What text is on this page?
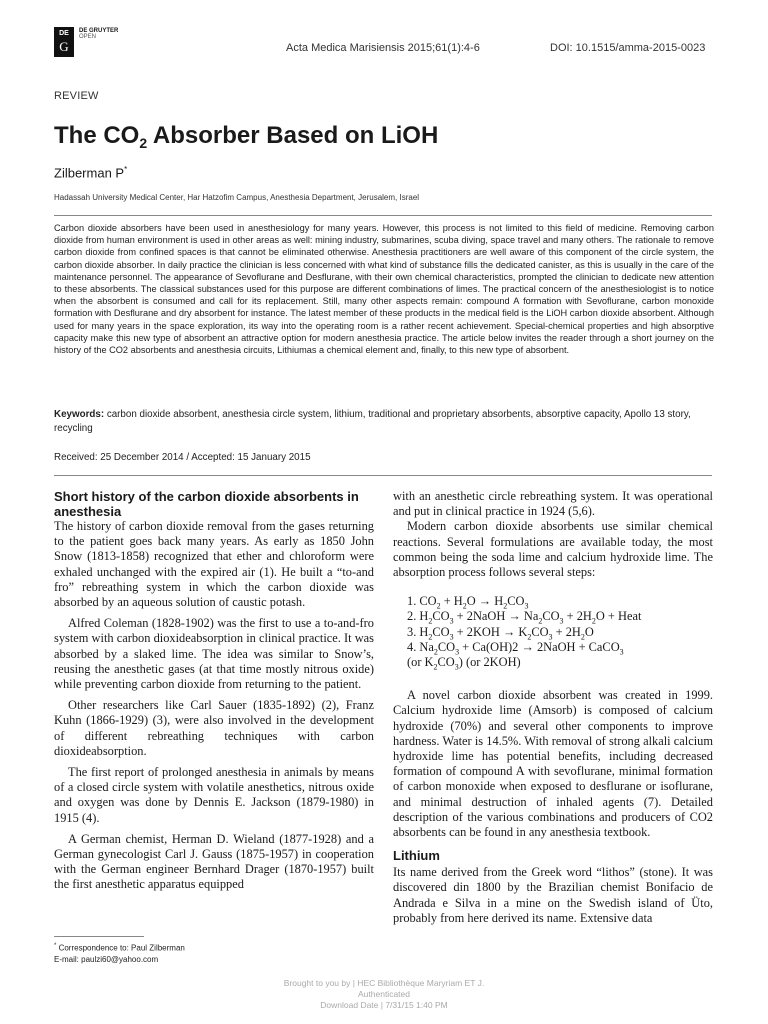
DE
G
DE GRUYTER
OPEN
Acta Medica Marisiensis 2015;61(1):4-6	DOI: 10.1515/amma-2015-0023
REVIEW
The $CO_2$ Absorber Based on LiOH
Zilberman P*
Hadassah University Medical Center, Har Hatzofim Campus, Anesthesia Department, Jerusalem, Israel

Carbon dioxide absorbers have been used in anesthesiology for many years. However, this process is not limited to this field of medicine. Removing carbon dioxide from human environment is used in other areas as well: mining industry, submarines, scuba diving, space travel and many others. The rationale to remove carbon dioxide from confined spaces is that cannot be eliminated otherwise. Anesthesia practitioners are well aware of this component of the circle system, the carbon dioxide absorber. In daily practice the clinician is less concerned with what kind of substance fills the dedicated canister, as this is usually in the care of the maintenance personnel. The appearance of Sevoflurane and Desflurane, with their own chemical characteristics, prompted the clinician to dedicate new attention to these absorbents. The classical substances used for this purpose are different combinations of limes. The practical concern of the anesthesiologist is to notice when the absorbent is consumed and call for its replacement. Still, many other aspects remain: compound A formation with Sevoflurane, carbon monoxide formation with Desflurane and dry absorbent for instance. The latest member of these products in the medical field is the LiOH carbon dioxide absorbent. Although used for many years in the space exploration, its way into the operating room is a rather recent achievement. Special-chemical properties and high absorptive capacity make this new type of absorbent an attractive option for modern anesthesia practice. The article below invites the reader through a short journey on the history of the CO2 absorbents and anesthesia circuits, Lithiumas a chemical element and, finally, to this new type of absorbent.

Keywords: carbon dioxide absorbent, anesthesia circle system, lithium, traditional and proprietary absorbents, absorptive capacity, Apollo 13 story, recycling

Received: 25 December 2014 / Accepted: 15 January 2015
Short history of the carbon dioxide absorbents in anesthesia

The history of carbon dioxide removal from the gases returning to the patient goes back many years. As early as 1850 John Snow (1813-1858) recognized that ether and chloroform were exhaled unchanged with the expired air (1). He built a “to-and fro” rebreathing system in which the carbon dioxide was absorbed by an aqueous solution of caustic potash.

Alfred Coleman (1828-1902) was the first to use a to-and-fro system with carbon dioxideabsorption in clinical practice. It was absorbed by a slaked lime. The idea was similar to Snow’s, reusing the anesthetic gases (at that time mostly nitrous oxide) while preventing carbon dioxide from returning to the patient.

Other researchers like Carl Sauer (1835-1892) (2), Franz Kuhn (1866-1929) (3), were also involved in the development of different rebreathing techniques with carbon dioxideabsorption.

The first report of prolonged anesthesia in animals by means of a closed circle system with volatile anesthetics, nitrous oxide and oxygen was done by Dennis E. Jackson (1879-1980) in 1915 (4).

A German chemist, Herman D. Wieland (1877-1928) and a German gynecologist Carl J. Gauss (1875-1957) in cooperation with the German engineer Bernhard Drager (1870-1957) built the first anesthetic apparatus equipped

with an anesthetic circle rebreathing system. It was operational and put in clinical practice in 1924 (5,6).

Modern carbon dioxide absorbents use similar chemical reactions. Several formulations are available today, the most common being the soda lime and calcium hydroxide lime. The absorption process follows several steps:

1. $CO_2 + H_2O \to H_2CO_3$
2. $H_2CO_3$ + 2NaOH → $Na_2CO_3 + 2H_2O$ + Heat
3. $H_2CO_3 + 2KOH \to K_2CO_3 + 2H_2O$
4. $Na_2CO_3 + Ca(OH)2$ → 2NaOH + CaCO$_3$
(or $K_2CO_3$) (or 2KOH)

A novel carbon dioxide absorbent was created in 1999. Calcium hydroxide lime (Amsorb) is composed of calcium hydroxide (70%) and several other components to improve hardness. Water is 14.5%. With removal of strong alkali calcium hydroxide lime has potential benefits, including decreased formation of compound A with sevoflurane, minimal formation of carbon monoxide when exposed to desflurane or isoflurane, and minimal destruction of inhaled agents (7). Detailed description of the various combinations and producers of CO2 absorbents can be found in any anesthesia textbook.

Lithium

Its name derived from the Greek word “lithos” (stone). It was discovered din 1800 by the Brazilian chemist Bonifacio de Andrada e Silva in a mine on the Swedish island of Üto, probably from here derived its name. Extensive data

* Correspondence to: Paul Zilberman
E-mail: paulzi60@yahoo.com
Brought to you by | HEC Bibliothèque Maryriam ET J.
Authenticated
Download Date | 7/31/15 1:40 PM
